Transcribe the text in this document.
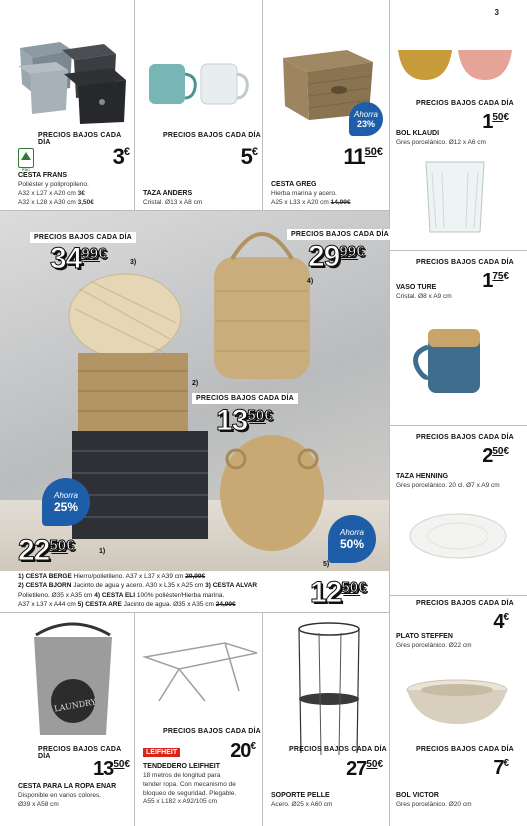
3
PRECIOS BAJOS CADA DÍA
FSC
3€
CESTA FRANS
Poliéster y polipropileno.
A32 x L27 x A20 cm 3€
A32 x L28 x A30 cm 3,50€
PRECIOS BAJOS CADA DÍA
5€
TAZA ANDERS
Cristal. Ø13 x A8 cm
Ahorra
23%
$11^{50€}$
CESTA GREG
Hierba marina y acero.
A25 x L33 x A20 cm 14,99€
PRECIOS BAJOS CADA DÍA
$1^{50€}$
BOL KLAUDI
Gres porcelánico. Ø12 x A6 cm
PRECIOS BAJOS CADA DÍA
$1^{75€}$
VASO TURE
Cristal. Ø8 x A9 cm
PRECIOS BAJOS CADA DÍA
$2^{50€}$
TAZA HENNING
Gres porcelánico. 20 cl. Ø7 x A9 cm
PRECIOS BAJOS CADA DÍA
4€
PLATO STEFFEN
Gres porcelánico. Ø22 cm
PRECIOS BAJOS CADA DÍA
7€
BOL VICTOR
Gres porcelánico. Ø20 cm
PRECIOS BAJOS CADA DÍA
$34^{99€}$
PRECIOS BAJOS CADA DÍA
$29^{99€}$
PRECIOS BAJOS CADA DÍA
$13^{50€}$
Ahorra
25%
$22^{50€}$
Ahorra
50%
$12^{50€}$
3)
4)
2)
1)
5)
1) CESTA BERGE Hierro/polietileno. A37 x L37 x A39 cm 29,99€
2) CESTA BJORN Jacinto de agua y acero. A30 x L35 x A25 cm 3) CESTA ALVAR
Polietileno. Ø35 x A35 cm 4) CESTA ELI 100% poliéster/Hierba marina.
A37 x L37 x A44 cm 5) CESTA ARE Jacinto de agua. Ø35 x A35 cm 24,99€
LAUNDRY
PRECIOS BAJOS CADA DÍA
$13^{50€}$
CESTA PARA LA ROPA ENAR
Disponible en varios colores.
Ø39 x A58 cm
PRECIOS BAJOS CADA DÍA
LEIFHEIT	20€
TENDEDERO LEIFHEIT
18 metros de longitud para
tender ropa. Con mecanismo de
bloqueo de seguridad. Plegable.
A55 x L182 x A92/105 cm
PRECIOS BAJOS CADA DÍA
$27^{50€}$
SOPORTE PELLE
Acero. Ø25 x A60 cm
